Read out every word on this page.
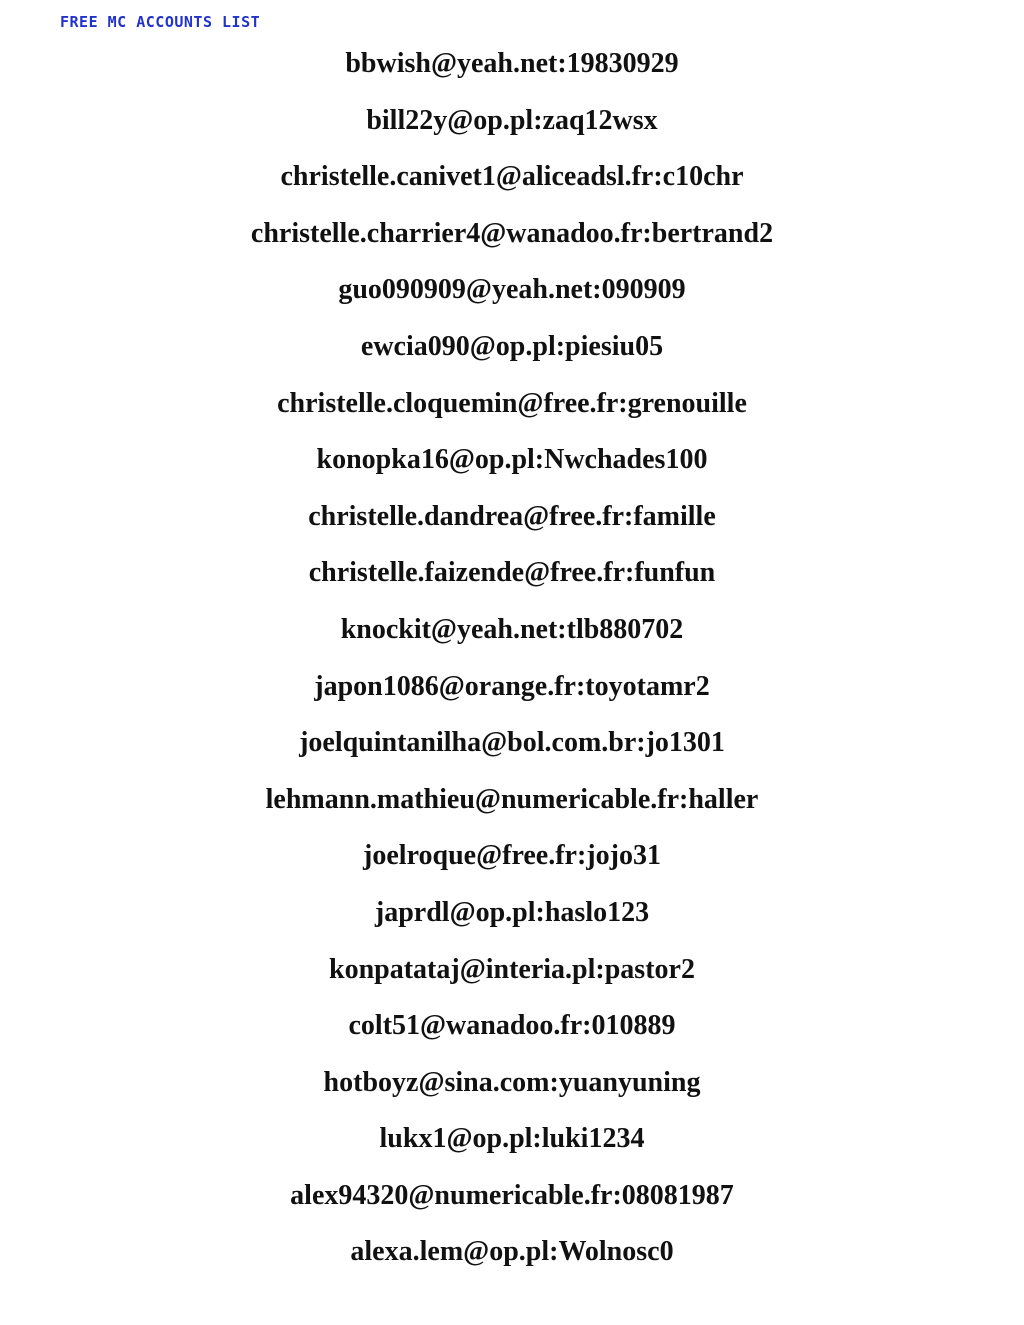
FREE MC ACCOUNTS LIST
bbwish@yeah.net:19830929
bill22y@op.pl:zaq12wsx
christelle.canivet1@aliceadsl.fr:c10chr
christelle.charrier4@wanadoo.fr:bertrand2
guo090909@yeah.net:090909
ewcia090@op.pl:piesiu05
christelle.cloquemin@free.fr:grenouille
konopka16@op.pl:Nwchades100
christelle.dandrea@free.fr:famille
christelle.faizende@free.fr:funfun
knockit@yeah.net:tlb880702
japon1086@orange.fr:toyotamr2
joelquintanilha@bol.com.br:jo1301
lehmann.mathieu@numericable.fr:haller
joelroque@free.fr:jojo31
japrdl@op.pl:haslo123
konpatataj@interia.pl:pastor2
colt51@wanadoo.fr:010889
hotboyz@sina.com:yuanyuning
lukx1@op.pl:luki1234
alex94320@numericable.fr:08081987
alexa.lem@op.pl:Wolnosc0
